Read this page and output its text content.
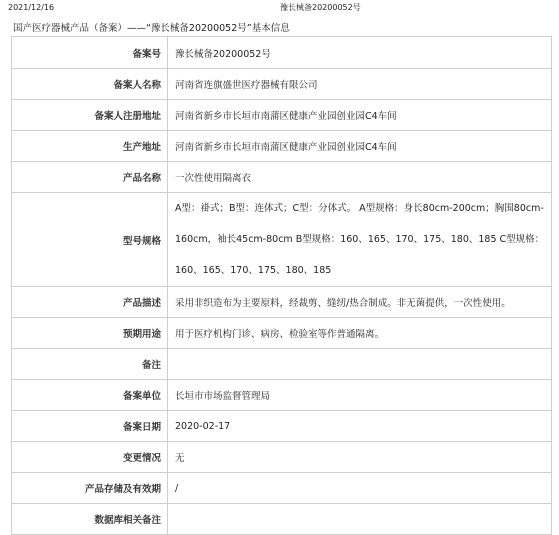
2021/12/16	豫长械备20200052号
国产医疗器械产品（备案）——“豫长械备20200052号”基本信息
备案号	豫长械备20200052号
备案人名称	河南省连旗盛世医疗器械有限公司
备案人注册地址	河南省新乡市长垣市南蒲区健康产业园创业园C4车间
生产地址	河南省新乡市长垣市南蒲区健康产业园创业园C4车间
产品名称	一次性使用隔离衣
型号规格	A型：褂式；B型：连体式；C型：分体式。 A型规格：身长80cm-200cm；胸围80cm-160cm，袖长45cm-80cm B型规格：160、165、170、175、180、185 C型规格：160、165、170、175、180、185
产品描述	采用非织造布为主要原料，经裁剪、缝纫/热合制成。非无菌提供，一次性使用。
预期用途	用于医疗机构门诊、病房、检验室等作普通隔离。
备注	
备案单位	长垣市市场监督管理局
备案日期	2020-02-17
变更情况	无
产品存储及有效期	/
数据库相关备注	
